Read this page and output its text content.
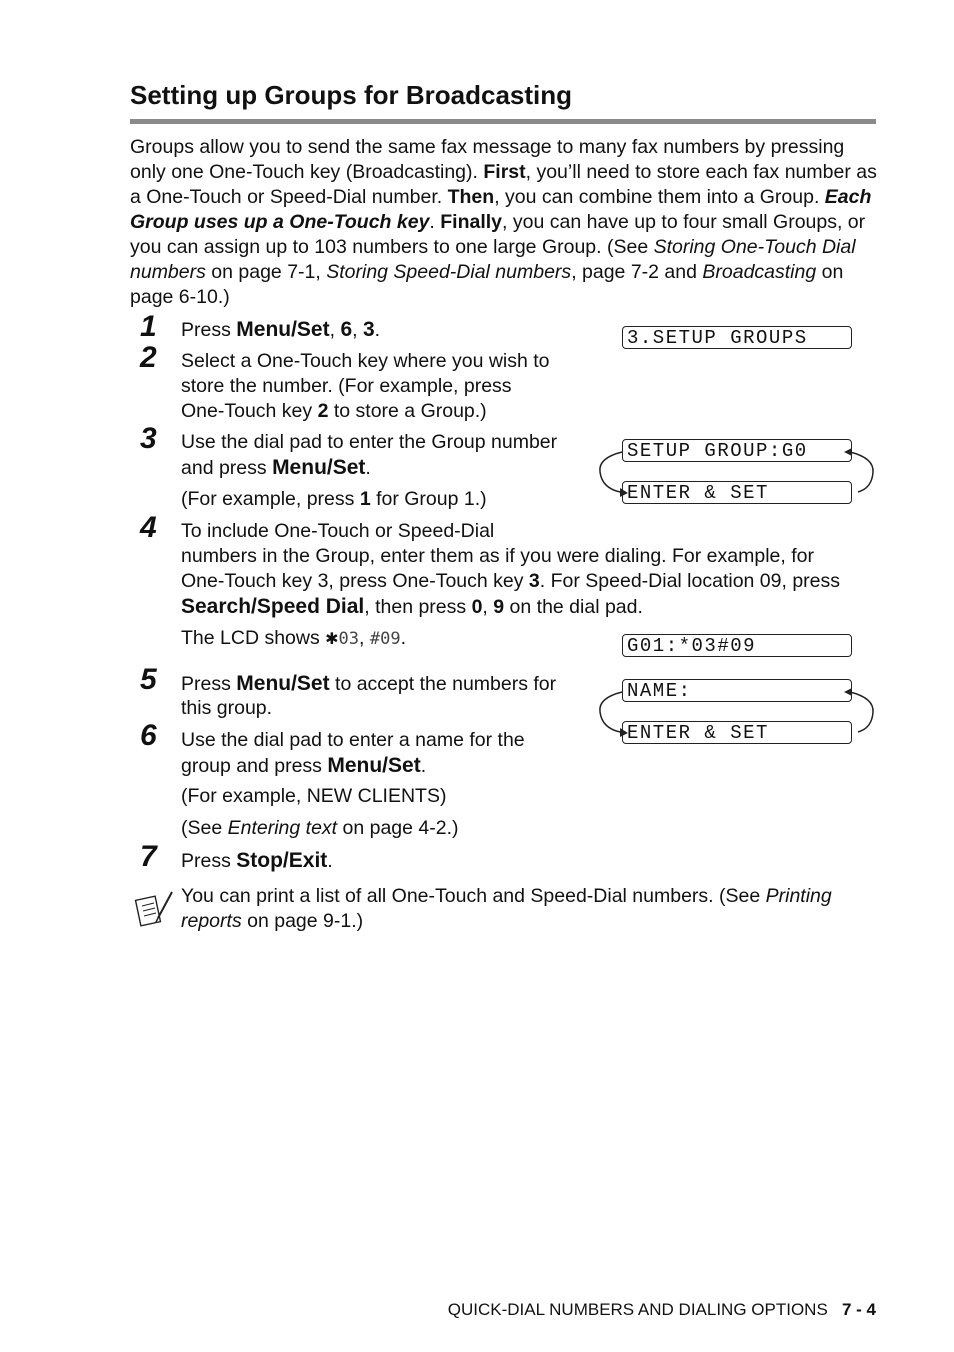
Setting up Groups for Broadcasting

Groups allow you to send the same fax message to many fax numbers by pressing only one One-Touch key (Broadcasting). First, you’ll need to store each fax number as a One-Touch or Speed-Dial number. Then, you can combine them into a Group. Each Group uses up a One-Touch key. Finally, you can have up to four small Groups, or you can assign up to 103 numbers to one large Group. (See Storing One-Touch Dial numbers on page 7-1, Storing Speed-Dial numbers, page 7-2 and Broadcasting on page 6-10.)

1 Press Menu/Set, 6, 3.
2 Select a One-Touch key where you wish to
store the number. (For example, press
One-Touch key 2 to store a Group.)
3 Use the dial pad to enter the Group number
and press Menu/Set.
(For example, press 1 for Group 1.)
4 To include One-Touch or Speed-Dial
numbers in the Group, enter them as if you were dialing. For example, for
One-Touch key 3, press One-Touch key 3. For Speed-Dial location 09, press
Search/Speed Dial, then press 0, 9 on the dial pad.
The LCD shows ✱03, #09.
5 Press Menu/Set to accept the numbers for
this group.
6 Use the dial pad to enter a name for the
group and press Menu/Set.
(For example, NEW CLIENTS)
(See Entering text on page 4-2.)
7 Press Stop/Exit.
3.SETUP GROUPS
SETUP GROUP:G0
ENTER & SET
G01:*03#09
NAME:
ENTER & SET
You can print a list of all One-Touch and Speed-Dial numbers. (See Printing
reports on page 9-1.)
QUICK-DIAL NUMBERS AND DIALING OPTIONS 7 - 4
